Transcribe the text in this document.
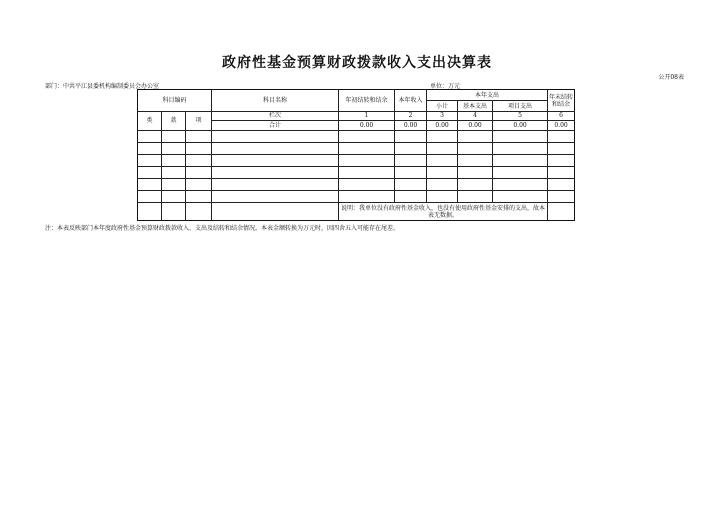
政府性基金预算财政拨款收入支出决算表
公开08表
部门：中共平江县委机构编制委员会办公室	单位：万元
科目编码			科目名称	年初结转和结余	本年收入	本年支出			年末结转和结余
						小计	基本支出	项目支出	
类	款	项	栏次	1	2	3	4	5	6
			合计	0.00	0.00	0.00	0.00	0.00	0.00

				说明：我单位没有政府性基金收入，也没有使用政府性基金安排的支出，故本表无数据。					
注：本表反映部门本年度政府性基金预算财政拨款收入、支出及结转和结余情况。本表金额转换为万元时，因四舍五入可能存在尾差。
